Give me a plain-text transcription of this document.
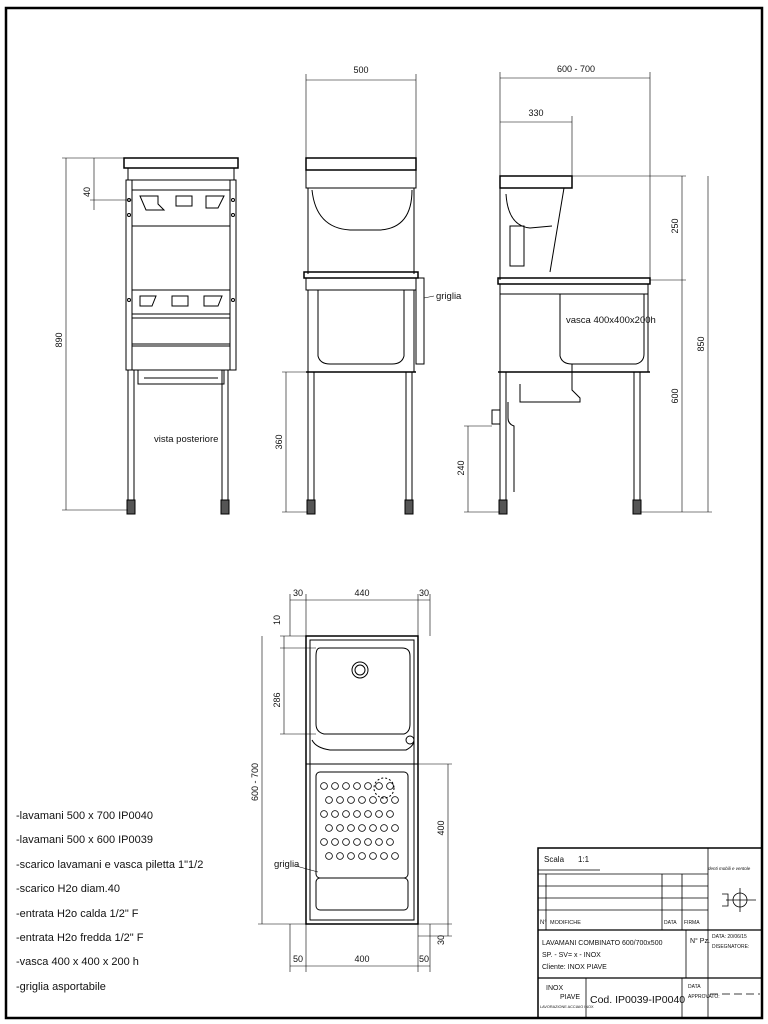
890
40
vista posteriore
500
360
griglia
600 - 700
330
250
600
850
240
vasca 400x400x200h
30	440	30
10
286
600 - 700
400
30
50	400	50
griglia	Scala 1:1
denti mobili e ventole
N° MODIFICHE	DATA FIRMA
LAVAMANI COMBINATO 600/700x500
SP. - SV= x - INOX
Cliente: INOX PIAVE
N° Pz.
DATA: 20/06/15
DISEGNATORE:
INOX
PIAVE
LAVORAZIONE ACCIAIO INOX
Cod. IP0039-IP0040
DATA
APPROVATO:
-lavamani 500 x 700 IP0040
-lavamani 500 x 600 IP0039
-scarico lavamani e vasca piletta 1"1/2
-scarico H2o diam.40
-entrata H2o calda 1/2" F
-entrata H2o fredda 1/2" F
-vasca 400 x 400 x 200 h
-griglia asportabile
